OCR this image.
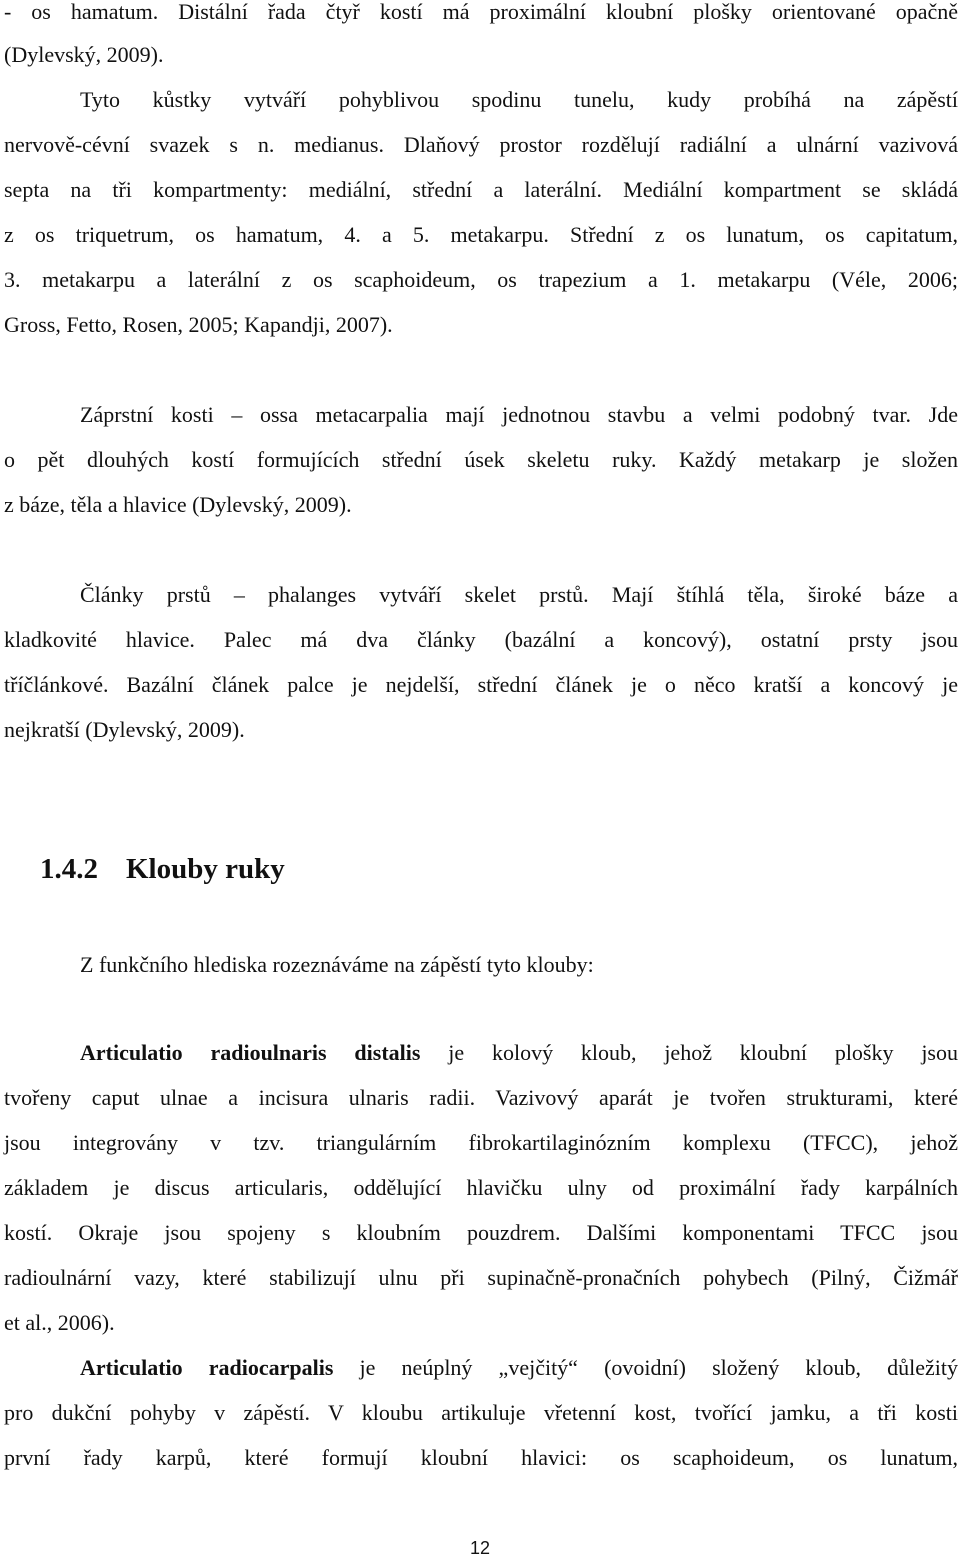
- os hamatum. Distální řada čtyř kostí má proximální kloubní plošky orientované opačně
(Dylevský, 2009).
Tyto kůstky vytváří pohyblivou spodinu tunelu, kudy probíhá na zápěstí
nervově-cévní svazek s n. medianus. Dlaňový prostor rozdělují radiální a ulnární vazivová
septa na tři kompartmenty: mediální, střední a laterální. Mediální kompartment se skládá
z os triquetrum, os hamatum, 4. a 5. metakarpu. Střední z os lunatum, os capitatum,
3. metakarpu a laterální z os scaphoideum, os trapezium a 1. metakarpu (Véle, 2006;
Gross, Fetto, Rosen, 2005; Kapandji, 2007).
Záprstní kosti – ossa metacarpalia mají jednotnou stavbu a velmi podobný tvar. Jde
o pět dlouhých kostí formujících střední úsek skeletu ruky. Každý metakarp je složen
z báze, těla a hlavice (Dylevský, 2009).
Články prstů – phalanges vytváří skelet prstů. Mají štíhlá těla, široké báze a
kladkovité hlavice. Palec má dva články (bazální a koncový), ostatní prsty jsou
tříčlánkové. Bazální článek palce je nejdelší, střední článek je o něco kratší a koncový je
nejkratší (Dylevský, 2009).
1.4.2 Klouby ruky
Z funkčního hlediska rozeznáváme na zápěstí tyto klouby:
Articulatio radioulnaris distalis je kolový kloub, jehož kloubní plošky jsou
tvořeny caput ulnae a incisura ulnaris radii. Vazivový aparát je tvořen strukturami, které
jsou integrovány v tzv. triangulárním fibrokartilaginózním komplexu (TFCC), jehož
základem je discus articularis, oddělující hlavičku ulny od proximální řady karpálních
kostí. Okraje jsou spojeny s kloubním pouzdrem. Dalšími komponentami TFCC jsou
radioulnární vazy, které stabilizují ulnu při supinačně-pronačních pohybech (Pilný, Čižmář
et al., 2006).
Articulatio radiocarpalis je neúplný „vejčitý“ (ovoidní) složený kloub, důležitý
pro dukční pohyby v zápěstí. V kloubu artikuluje vřetenní kost, tvořící jamku, a tři kosti
první řady karpů, které formují kloubní hlavici: os scaphoideum, os lunatum,
12
